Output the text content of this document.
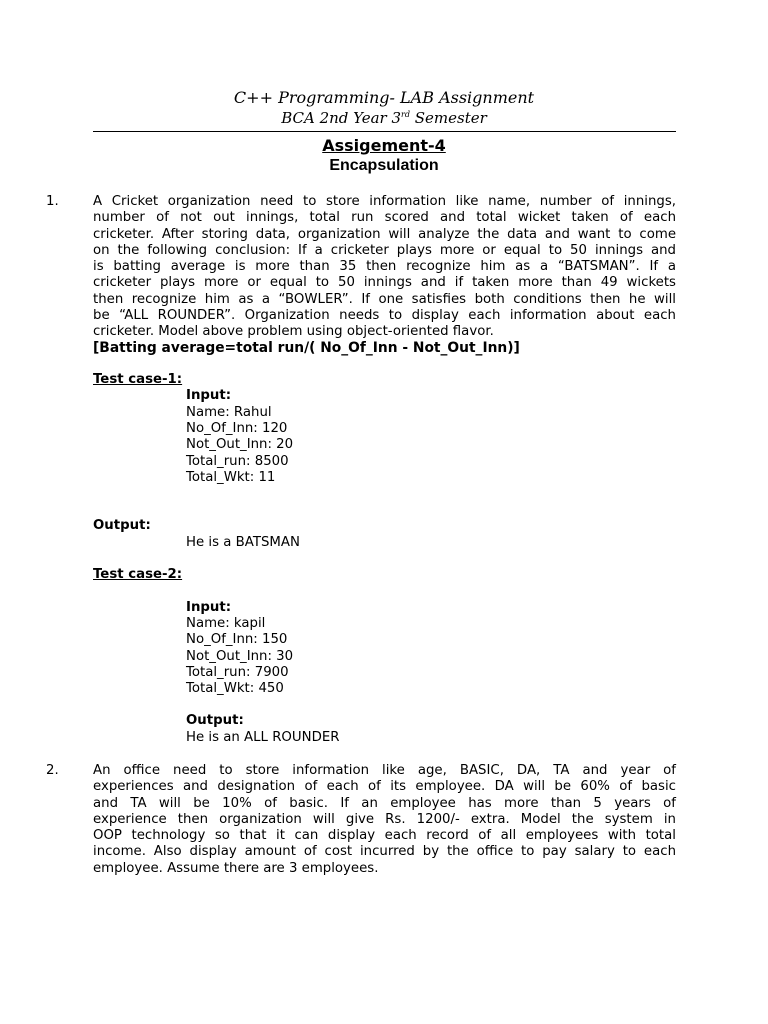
C++ Programming- LAB Assignment
BCA 2nd Year 3rd Semester
Assigement-4
Encapsulation
1.	A Cricket organization need to store information like name, number of innings,
number of not out innings, total run scored and total wicket taken of each
cricketer. After storing data, organization will analyze the data and want to come
on the following conclusion: If a cricketer plays more or equal to 50 innings and
is batting average is more than 35 then recognize him as a “BATSMAN”. If a
cricketer plays more or equal to 50 innings and if taken more than 49 wickets
then recognize him as a “BOWLER”. If one satisfies both conditions then he will
be “ALL ROUNDER”. Organization needs to display each information about each
cricketer. Model above problem using object-oriented flavor.
[Batting average=total run/( No_Of_Inn - Not_Out_Inn)]
Test case-1:
Input:
Name: Rahul
No_Of_Inn: 120
Not_Out_Inn: 20
Total_run: 8500
Total_Wkt: 11
Output:
He is a BATSMAN
Test case-2:
Input:
Name: kapil
No_Of_Inn: 150
Not_Out_Inn: 30
Total_run: 7900
Total_Wkt: 450
Output:
He is an ALL ROUNDER
2.	An office need to store information like age, BASIC, DA, TA and year of
experiences and designation of each of its employee. DA will be 60% of basic
and TA will be 10% of basic. If an employee has more than 5 years of
experience then organization will give Rs. 1200/- extra. Model the system in
OOP technology so that it can display each record of all employees with total
income. Also display amount of cost incurred by the office to pay salary to each
employee. Assume there are 3 employees.
